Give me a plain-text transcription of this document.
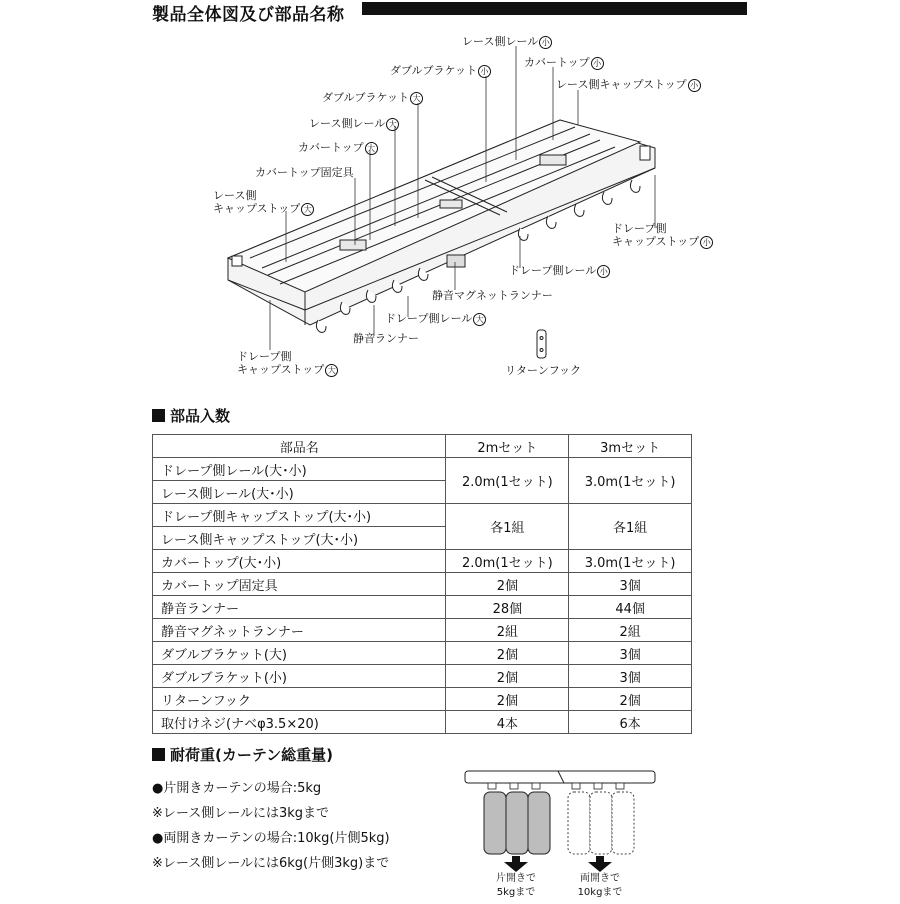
製品全体図及び部品名称
レース側レール 小
カバートップ 小
レース側キャップストップ 小
ダブルブラケット 小
ダブルブラケット 大
レース側レール 大
カバートップ 大
カバートップ固定具
レース側
キャップストップ 大
ドレープ側
キャップストップ 小
ドレープ側レール 小
静音マグネットランナー
ドレープ側レール 大
静音ランナー
ドレープ側
キャップストップ 大	リターンフック
部品入数
部品名	2mセット	3mセット
ドレープ側レール(大･小)	2.0m(1セット)	3.0m(1セット)
レース側レール(大･小)		
ドレープ側キャップストップ(大･小)	各1組	各1組
レース側キャップストップ(大･小)		
カバートップ(大･小)	2.0m(1セット)	3.0m(1セット)
カバートップ固定具	2個	3個
静音ランナー	28個	44個
静音マグネットランナー	2組	2組
ダブルブラケット(大)	2個	3個
ダブルブラケット(小)	2個	3個
リターンフック	2個	2個
取付けネジ(ナベφ3.5×20)	4本	6本
耐荷重(カーテン総重量)
●片開きカーテンの場合:5kg
※レース側レールには3kgまで
●両開きカーテンの場合:10kg(片側5kg)
※レース側レールには6kg(片側3kg)まで
片開きで
5kgまで
両開きで
10kgまで
